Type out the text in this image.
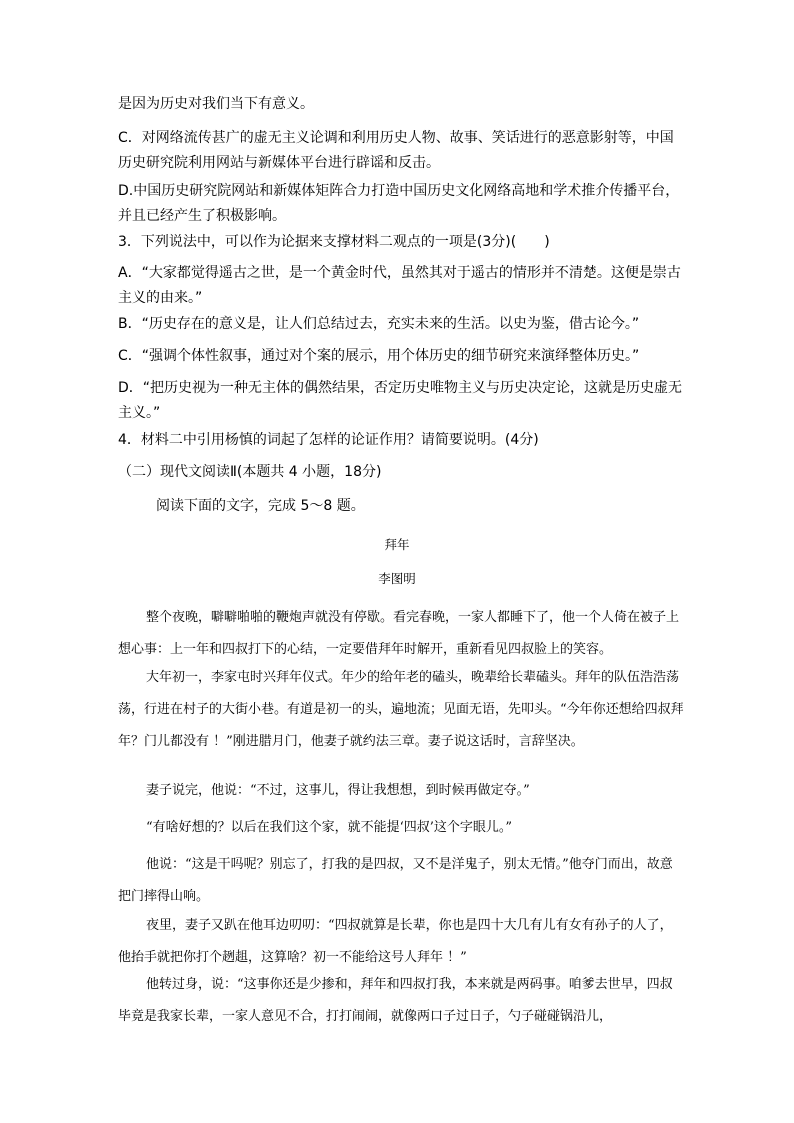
是因为历史对我们当下有意义。

C．对网络流传甚广的虚无主义论调和利用历史人物、故事、笑话进行的恶意影射等，中国历史研究院利用网站与新媒体平台进行辟谣和反击。

D.中国历史研究院网站和新媒体矩阵合力打造中国历史文化网络高地和学术推介传播平台，并且已经产生了积极影响。

3．下列说法中，可以作为论据来支撑材料二观点的一项是(3分)(　　)

A．“大家都觉得遥古之世，是一个黄金时代，虽然其对于遥古的情形并不清楚。这便是崇古主义的由来。”

B．“历史存在的意义是，让人们总结过去，充实未来的生活。以史为鉴，借古论今。”

C．“强调个体性叙事，通过对个案的展示，用个体历史的细节研究来演绎整体历史。”

D．“把历史视为一种无主体的偶然结果，否定历史唯物主义与历史决定论，这就是历史虚无主义。”

4．材料二中引用杨慎的词起了怎样的论证作用？请简要说明。(4分)

（二）现代文阅读Ⅱ(本题共 4 小题，18分)

阅读下面的文字，完成 5～8 题。

拜年

李图明

整个夜晚，噼噼啪啪的鞭炮声就没有停歇。看完春晚，一家人都睡下了，他一个人倚在被子上想心事：上一年和四叔打下的心结，一定要借拜年时解开，重新看见四叔脸上的笑容。

大年初一，李家屯时兴拜年仪式。年少的给年老的磕头，晚辈给长辈磕头。拜年的队伍浩浩荡荡，行进在村子的大街小巷。有道是初一的头，遍地流；见面无语，先叩头。“今年你还想给四叔拜年？门儿都没有 ！”刚进腊月门，他妻子就约法三章。妻子说这话时，言辞坚决。

妻子说完，他说：“不过，这事儿，得让我想想，到时候再做定夺。”

“有啥好想的？以后在我们这个家，就不能提‘四叔’这个字眼儿。”

他说：“这是干吗呢？别忘了，打我的是四叔，又不是洋鬼子，别太无情。”他夺门而出，故意把门摔得山响。

夜里，妻子又趴在他耳边叨叨：“四叔就算是长辈，你也是四十大几有儿有女有孙子的人了，他抬手就把你打个趔趄，这算啥？初一不能给这号人拜年 ！”

他转过身，说：“这事你还是少掺和，拜年和四叔打我，本来就是两码事。咱爹去世早，四叔毕竟是我家长辈，一家人意见不合，打打闹闹，就像两口子过日子，勺子碰碰锅沿儿，
